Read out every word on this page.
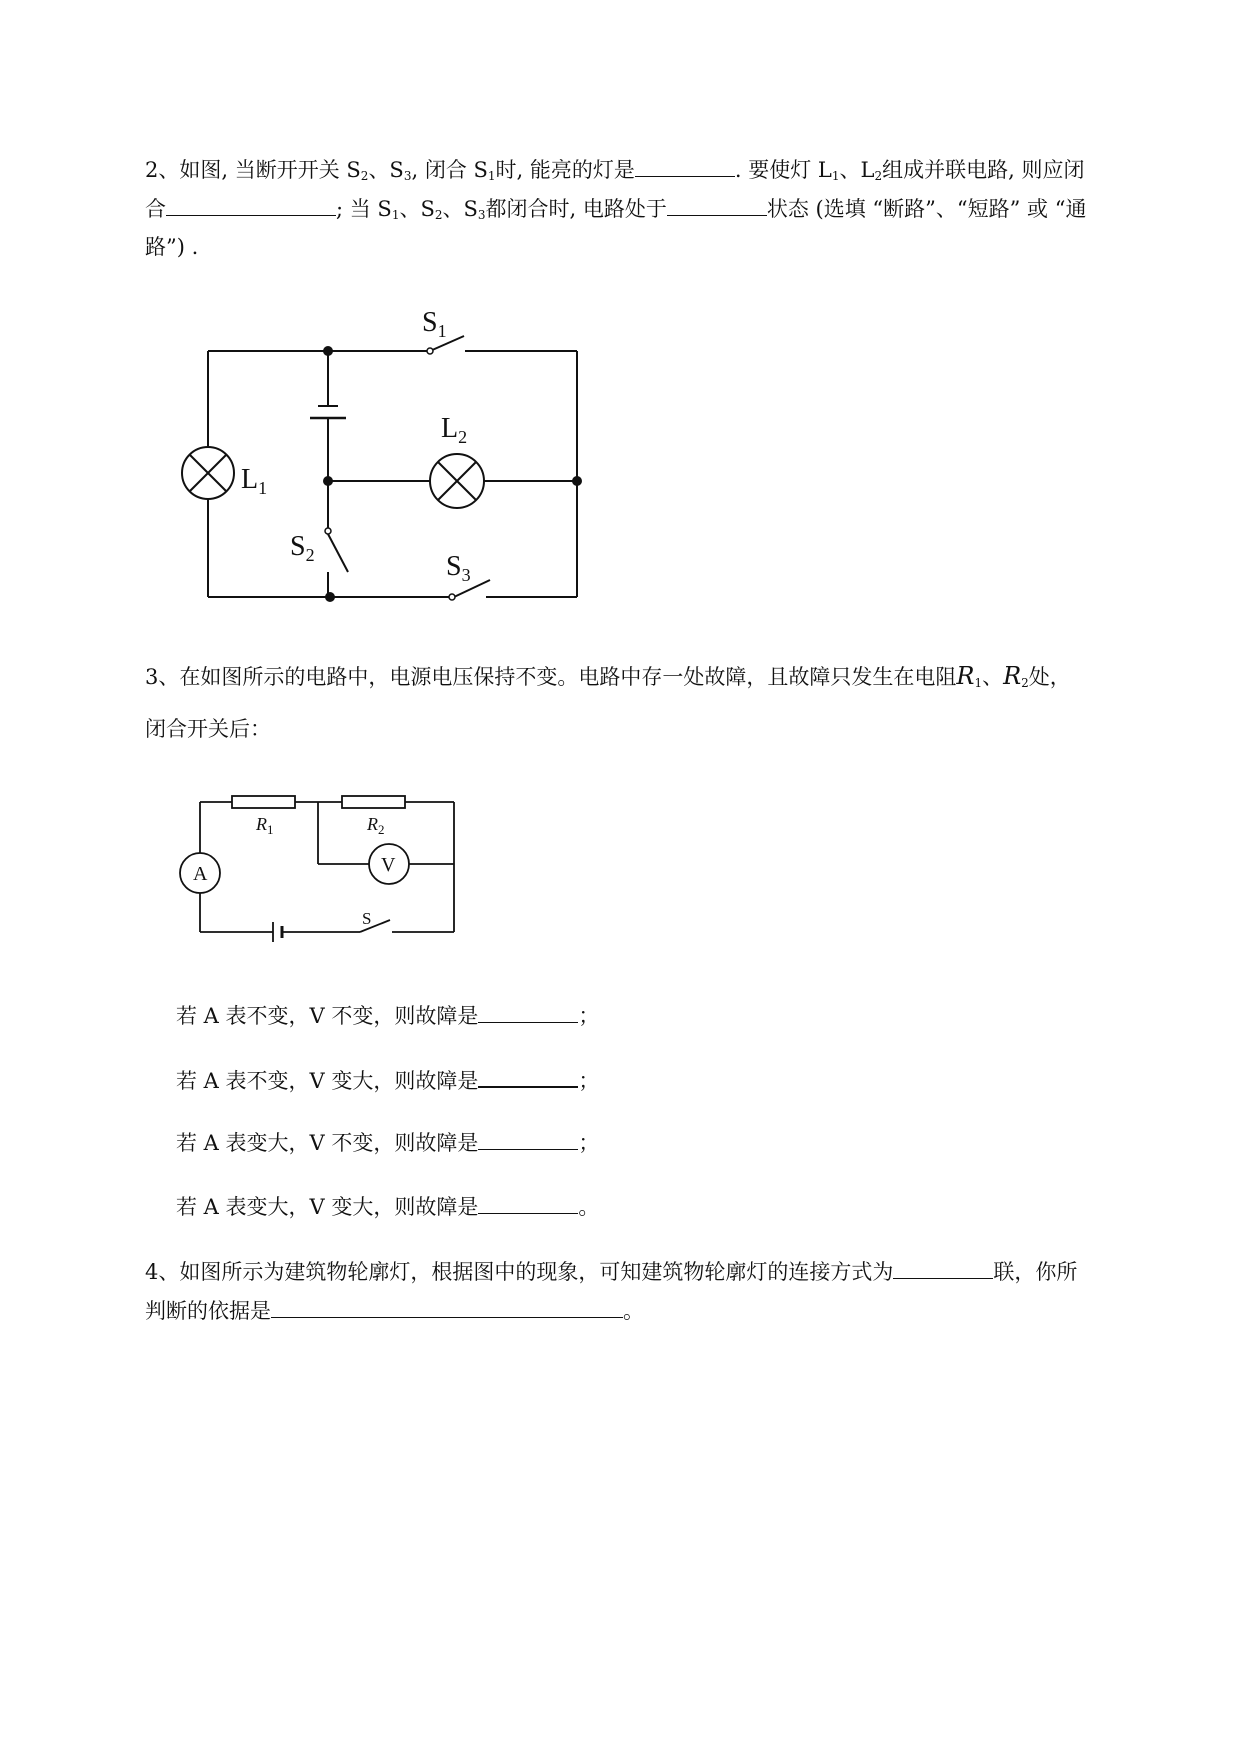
2、如图, 当断开开关 $S_2$、$S_3$, 闭合 $S_1$时, 能亮的灯是	. 要使灯 $L_1$、$L_2$组成并联电路, 则应闭
合	; 当 $S_1$、$S_2$、$S_3$都闭合时, 电路处于	状态 (选填 “断路”、“短路” 或 “通
路”) .
$S_1$
$L_1$
$L_2$
$S_2$	$S_3$
$R_1$	$R_2$
A	V
S
3、在如图所示的电路中，电源电压保持不变。电路中存一处故障，且故障只发生在电阻$R_1$、$R_2$处，
闭合开关后：
若 A 表不变，V 不变，则故障是	；
若 A 表不变，V 变大，则故障是	；
若 A 表变大，V 不变，则故障是	；
若 A 表变大，V 变大，则故障是	。
4、如图所示为建筑物轮廓灯，根据图中的现象，可知建筑物轮廓灯的连接方式为	联，你所
判断的依据是	。
